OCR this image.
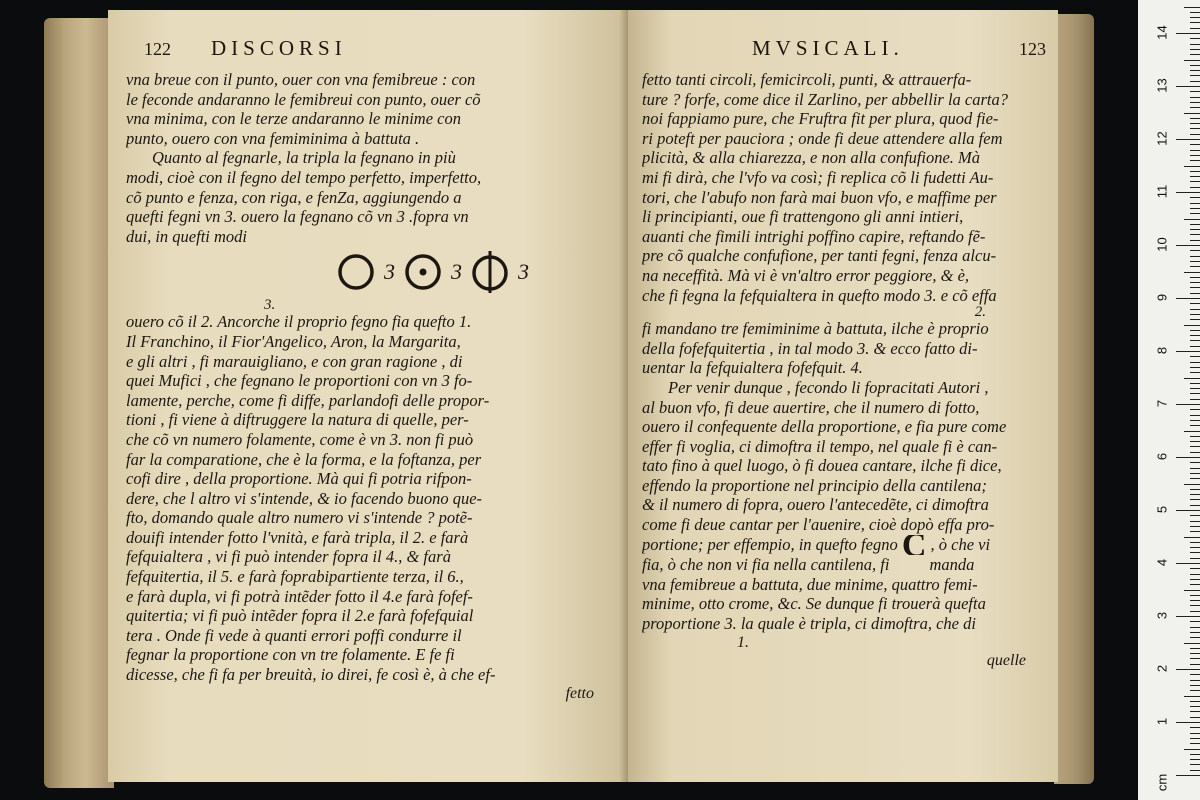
122 DISCORSI
vna breue con il punto, ouer con vna femibreue : con
le feconde andaranno le femibreui con punto, ouer cõ
vna minima, con le terze andaranno le minime con
punto, ouero con vna femiminima à battuta .
Quanto al fegnarle, la tripla la fegnano in più
modi, cioè con il fegno del tempo perfetto, imperfetto,
cõ punto e fenza, con riga, e fenZa, aggiungendo a
quefti fegni vn 3. ouero la fegnano cõ vn 3 .fopra vn
dui, in quefti modi
3	3	3
3.
ouero cõ il 2. Ancorche il proprio fegno fia quefto 1.
Il Franchino, il Fior'Angelico, Aron, la Margarita,
e gli altri , fi marauigliano, e con gran ragione , di
quei Mufici , che fegnano le proportioni con vn 3 fo-
lamente, perche, come fi diffe, parlandofi delle propor-
tioni , fi viene à diftruggere la natura di quelle, per-
che cõ vn numero folamente, come è vn 3. non fi può
far la comparatione, che è la forma, e la foftanza, per
cofi dire , della proportione. Mà qui fi potria rifpon-
dere, che l altro vi s'intende, & io facendo buono que-
fto, domando quale altro numero vi s'intende ? potẽ-
douifi intender fotto l'vnità, e farà tripla, il 2. e farà
fefquialtera , vi fi può intender fopra il 4., & farà
fefquitertia, il 5. e farà foprabipartiente terza, il 6.,
e farà dupla, vi fi potrà intẽder fotto il 4.e farà fofef-
quitertia; vi fi può intẽder fopra il 2.e farà fofefquial
tera . Onde fi vede à quanti errori poffi condurre il
fegnar la proportione con vn tre folamente. E fe fi
dicesse, che fi fa per breuità, io direi, fe così è, à che ef-
fetto
MVSICALI.	123
fetto tanti circoli, femicircoli, punti, & attrauerfa-
ture ? forfe, come dice il Zarlino, per abbellir la carta?
noi fappiamo pure, che Fruftra fit per plura, quod fie-
ri poteft per pauciora ; onde fi deue attendere alla fem
plicità, & alla chiarezza, e non alla confufione. Mà
mi fi dirà, che l'vfo va così; fi replica cõ li fudetti Au-
tori, che l'abufo non farà mai buon vfo, e maffime per
li principianti, oue fi trattengono gli anni intieri,
auanti che fimili intrighi poffino capire, reftando fẽ-
pre cõ qualche confufione, per tanti fegni, fenza alcu-
na neceffità. Mà vi è vn'altro error peggiore, & è,
che fi fegna la fefquialtera in quefto modo 3. e cõ effa
2.
fi mandano tre femiminime à battuta, ilche è proprio
della fofefquitertia , in tal modo 3. & ecco fatto di-
uentar la fefquialtera fofefquit. 4.
Per venir dunque , fecondo li fopracitati Autori ,
al buon vfo, fi deue auertire, che il numero di fotto,
ouero il confequente della proportione, e fia pure come
effer fi voglia, ci dimoftra il tempo, nel quale fi è can-
tato fino à quel luogo, ò fi douea cantare, ilche fi dice,
effendo la proportione nel principio della cantilena;
& il numero di fopra, ouero l'antecedẽte, ci dimoftra
come fi deue cantar per l'auenire, cioè dopò effa pro-
portione; per effempio, in quefto fegno C , ò che vi
fia, ò che non vi fia nella cantilena, fi manda
vna femibreue a battuta, due minime, quattro femi-
minime, otto crome, &c. Se dunque fi trouerà quefta
proportione 3. la quale è tripla, ci dimoftra, che di
1.
quelle
1
2
3
4
5
6
7
8
9
10
11
12
13
14
cm
